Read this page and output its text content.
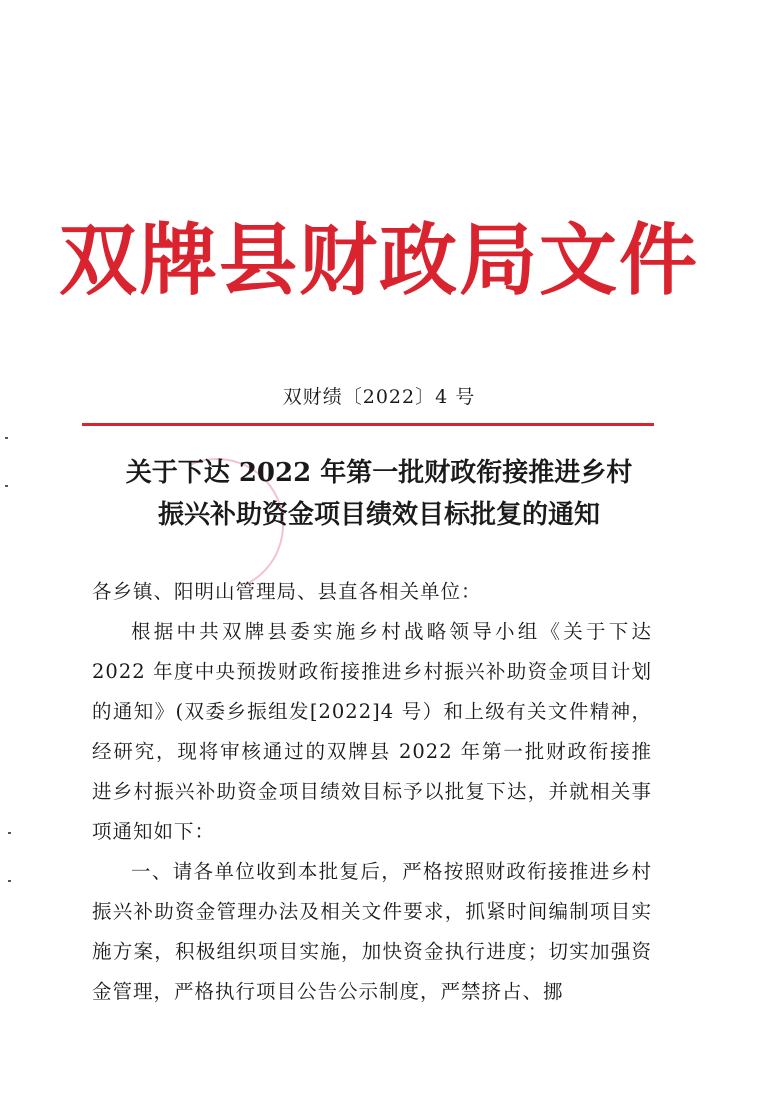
双牌县财政局文件
双财绩〔2022〕4 号
关于下达 2022 年第一批财政衔接推进乡村
振兴补助资金项目绩效目标批复的通知

各乡镇、阳明山管理局、县直各相关单位：

根据中共双牌县委实施乡村战略领导小组《关于下达 2022 年度中央预拨财政衔接推进乡村振兴补助资金项目计划的通知》(双委乡振组发[2022]4 号）和上级有关文件精神，经研究，现将审核通过的双牌县 2022 年第一批财政衔接推进乡村振兴补助资金项目绩效目标予以批复下达，并就相关事项通知如下：

一、请各单位收到本批复后，严格按照财政衔接推进乡村振兴补助资金管理办法及相关文件要求，抓紧时间编制项目实施方案，积极组织项目实施，加快资金执行进度；切实加强资金管理，严格执行项目公告公示制度，严禁挤占、挪
